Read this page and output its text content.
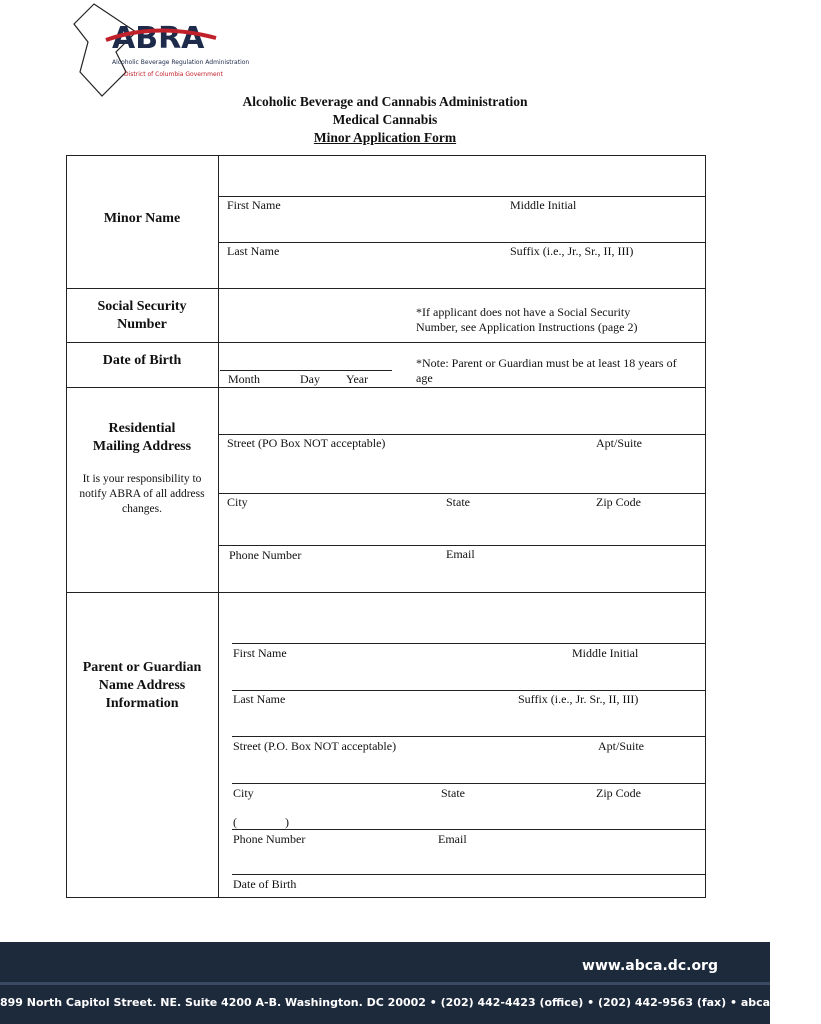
ABRA
Alcoholic Beverage Regulation Administration
District of Columbia Government
Alcoholic Beverage and Cannabis Administration
Medical Cannabis
Minor Application Form
Minor Name
First Name	Middle Initial
Last Name	Suffix (i.e., Jr., Sr., II, III)
Social Security
Number
*If applicant does not have a Social Security
Number, see Application Instructions (page 2)
Date of Birth
Month	Day Year
*Note: Parent or Guardian must be at least 18 years of
age
Residential
Mailing Address
It is your responsibility to
notify ABRA of all address
changes.
Street (PO Box NOT acceptable)	Apt/Suite
City	State	Zip Code
Phone Number	Email
Parent or Guardian
Name Address
Information
First Name	Middle Initial
Last Name	Suffix (i.e., Jr. Sr., II, III)
Street (P.O. Box NOT acceptable)	Apt/Suite
City	State	Zip Code
(                )
Phone Number	Email
Date of Birth
www.abca.dc.org
899 North Capitol Street. NE. Suite 4200 A-B. Washington. DC 20002 • (202) 442-4423 (office) • (202) 442-9563 (fax) • abca@dc.org
